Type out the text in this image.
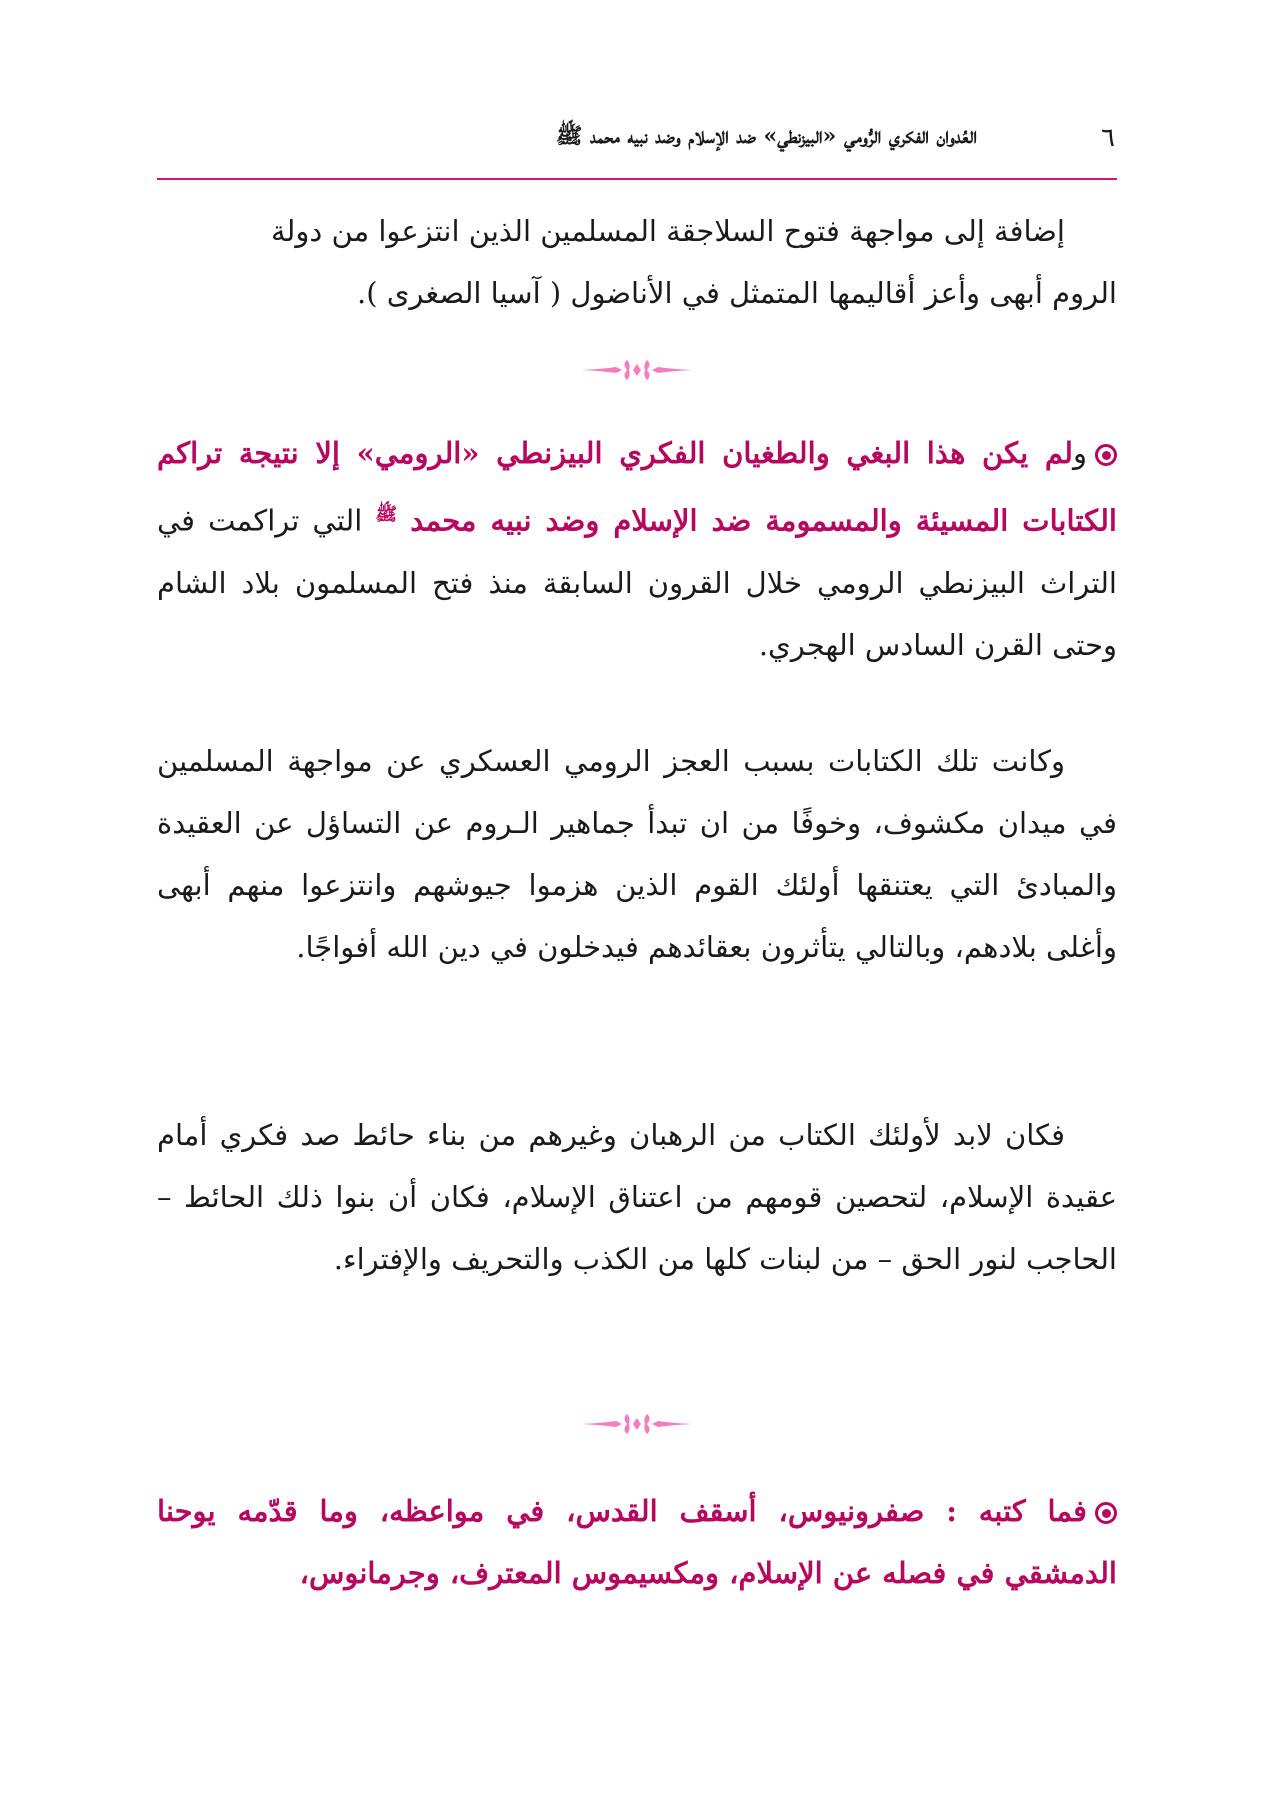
٦
العُدوان الفكري الرُّومي «البيزنطي» ضد الإسلام وضد نبيه محمد ﷺ

إضافة إلى مواجهة فتوح السلاجقة المسلمين الذين انتزعوا من دولة

الروم أبهى وأعز أقاليمها المتمثل في الأناضول ( آسيا الصغرى ).

ولم يكن هذا البغي والطغيان الفكري البيزنطي «الرومي» إلا نتيجة تراكم الكتابات المسيئة والمسمومة ضد الإسلام وضد نبيه محمد $^ﷺ$ التي تراكمت في التراث البيزنطي الرومي خلال القرون السابقة منذ فتح المسلمون بلاد الشام وحتى القرن السادس الهجري.

وكانت تلك الكتابات بسبب العجز الرومي العسكري عن مواجهة المسلمين في ميدان مكشوف، وخوفًا من ان تبدأ جماهير الـروم عن التساؤل عن العقيدة والمبادئ التي يعتنقها أولئك القوم الذين هزموا جيوشهم وانتزعوا منهم أبهى وأغلى بلادهم، وبالتالي يتأثرون بعقائدهم فيدخلون في دين الله أفواجًا.

فكان لابد لأولئك الكتاب من الرهبان وغيرهم من بناء حائط صد فكري أمام عقيدة الإسلام، لتحصين قومهم من اعتناق الإسلام، فكان أن بنوا ذلك الحائط –الحاجب لنور الحق – من لبنات كلها من الكذب والتحريف والإفتراء.

فما كتبه : صفرونيوس، أسقف القدس، في مواعظه، وما قدّمه يوحنا الدمشقي في فصله عن الإسلام، ومكسيموس المعترف، وجرمانوس،
